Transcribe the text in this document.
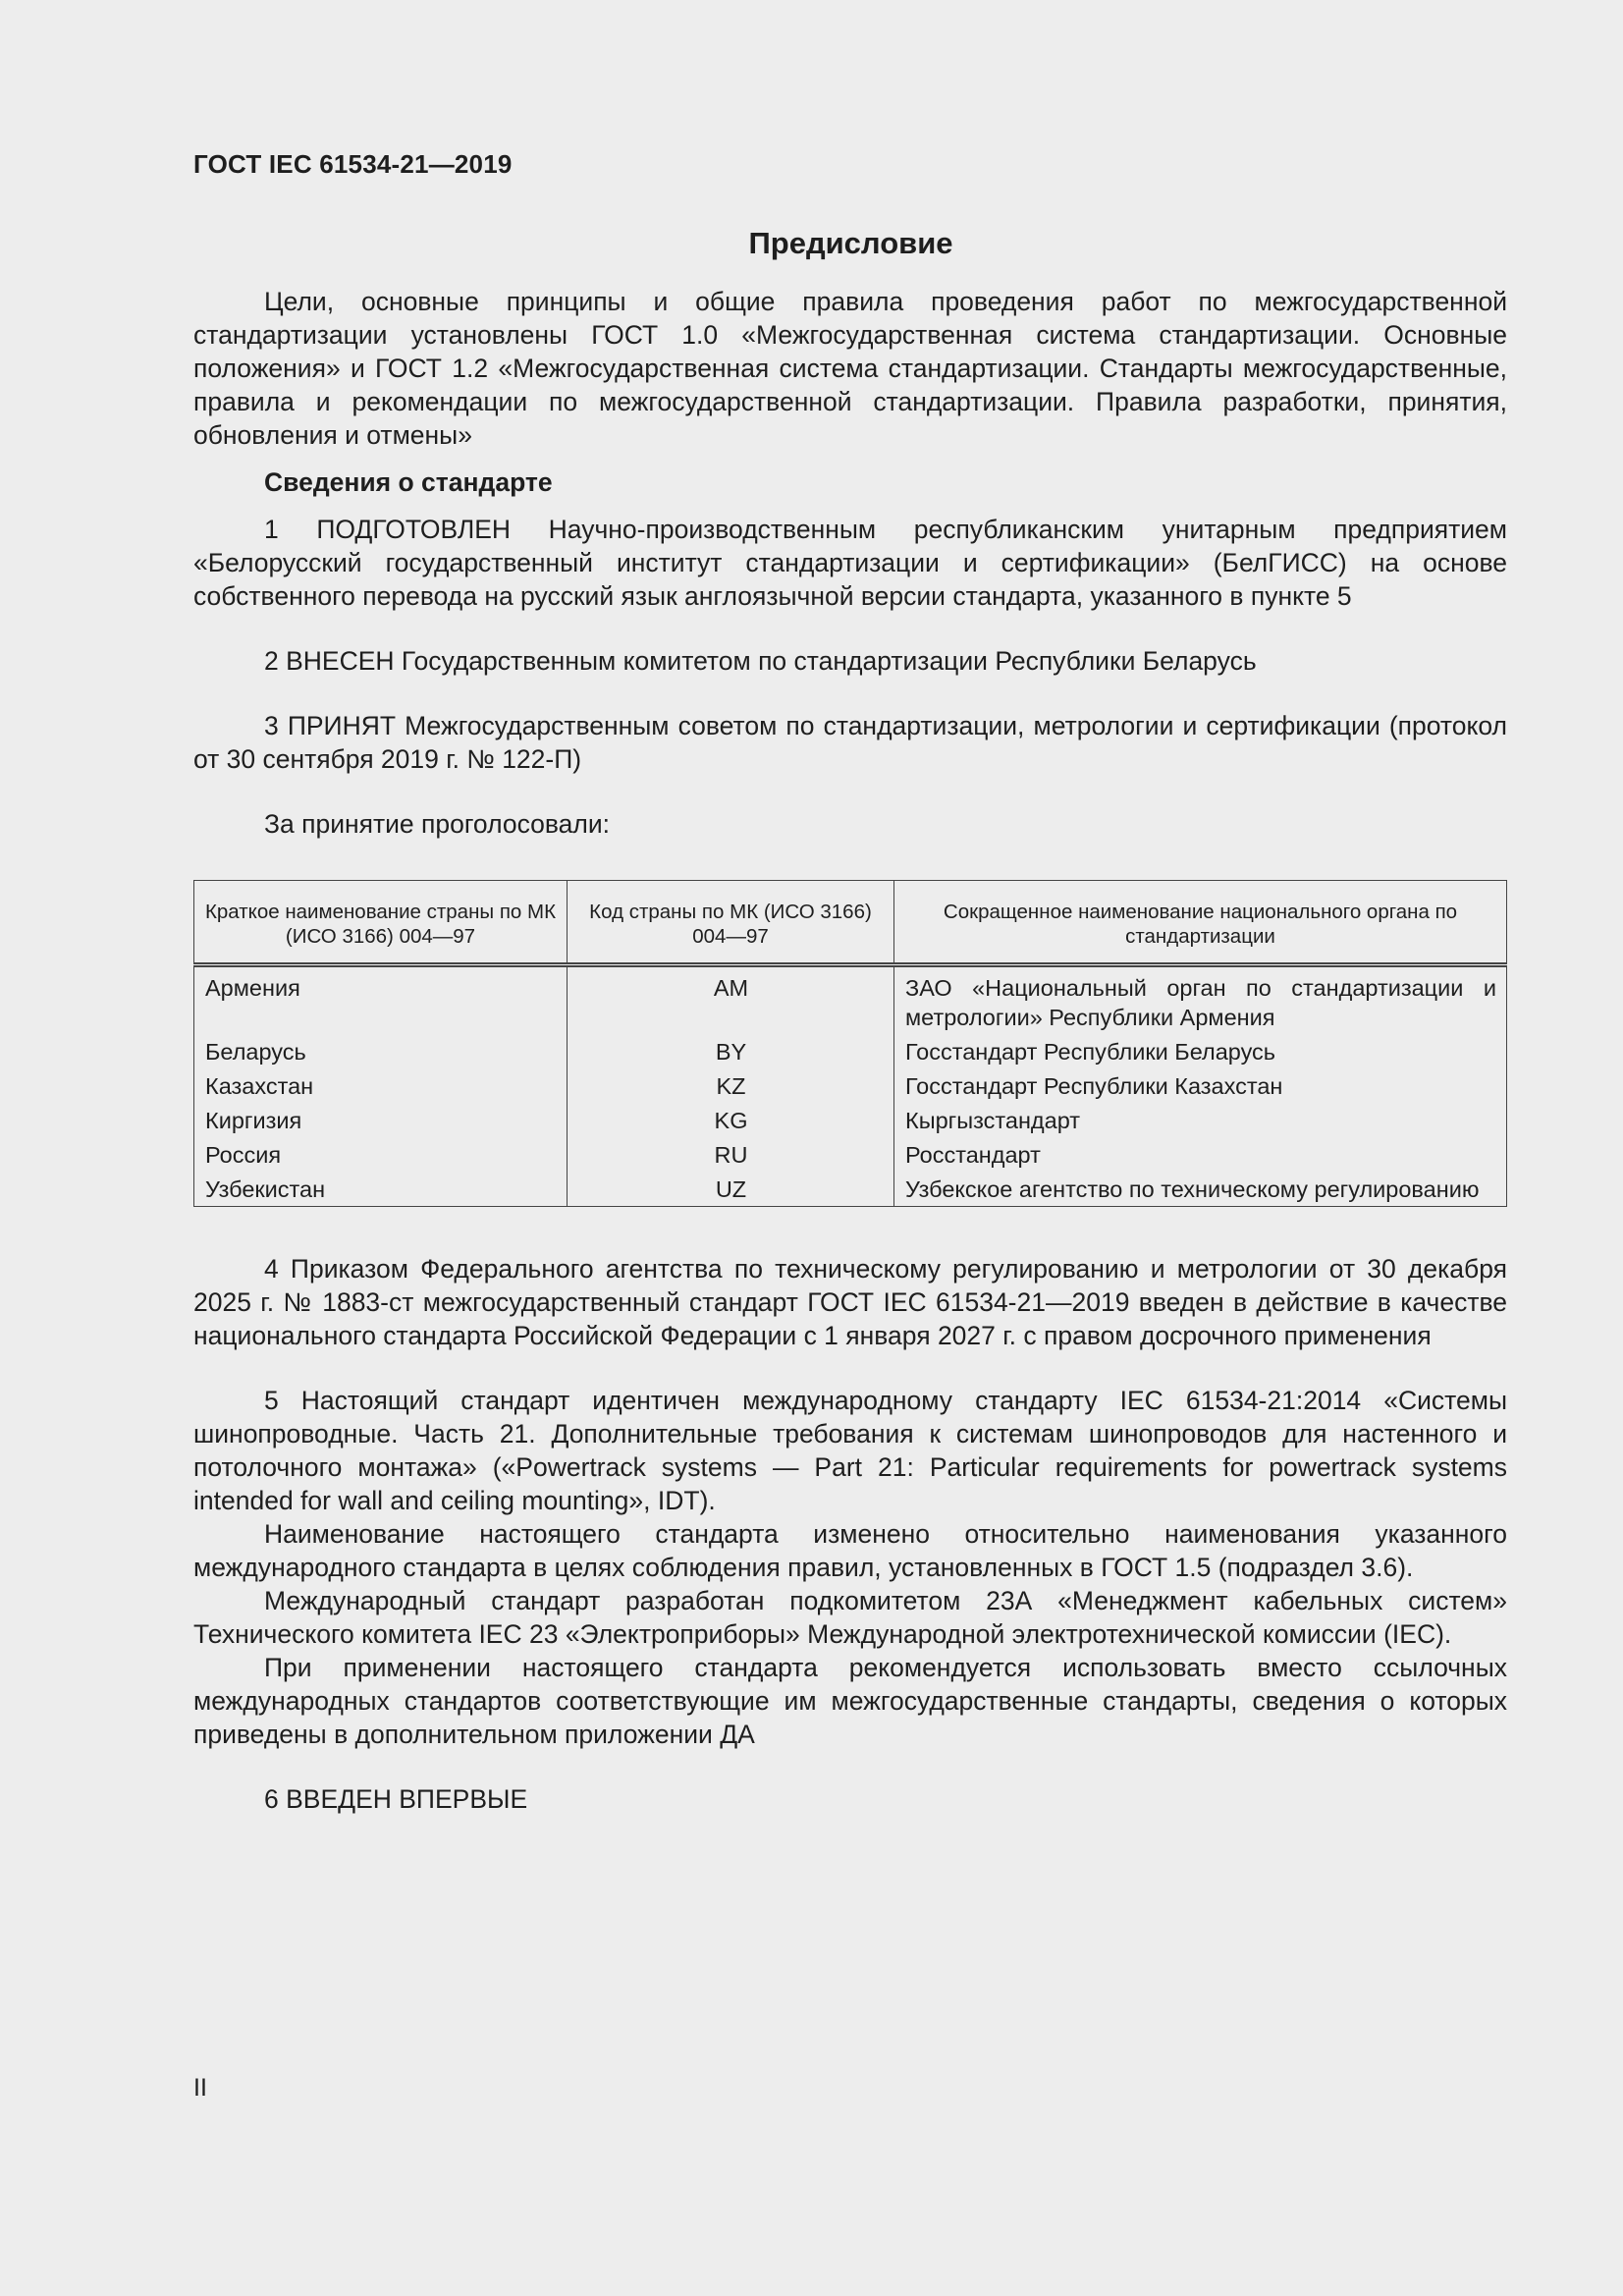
ГОСТ IEC 61534-21—2019
Предисловие

Цели, основные принципы и общие правила проведения работ по межгосударственной стандартизации установлены ГОСТ 1.0 «Межгосударственная система стандартизации. Основные положения» и ГОСТ 1.2 «Межгосударственная система стандартизации. Стандарты межгосударственные, правила и рекомендации по межгосударственной стандартизации. Правила разработки, принятия, обновления и отмены»

Сведения о стандарте

1 ПОДГОТОВЛЕН Научно-производственным республиканским унитарным предприятием «Белорусский государственный институт стандартизации и сертификации» (БелГИСС) на основе собственного перевода на русский язык англоязычной версии стандарта, указанного в пункте 5

2 ВНЕСЕН Государственным комитетом по стандартизации Республики Беларусь

3 ПРИНЯТ Межгосударственным советом по стандартизации, метрологии и сертификации (протокол от 30 сентября 2019 г. № 122-П)

За принятие проголосовали:

Краткое наименование страны по МК (ИСО 3166) 004—97	Код страны по МК (ИСО 3166) 004—97	Сокращенное наименование национального органа по стандартизации
Армения	AM	ЗАО «Национальный орган по стандартизации и метрологии» Республики Армения
Беларусь	BY	Госстандарт Республики Беларусь
Казахстан	KZ	Госстандарт Республики Казахстан
Киргизия	KG	Кыргызстандарт
Россия	RU	Росстандарт
Узбекистан	UZ	Узбекское агентство по техническому регулированию

4 Приказом Федерального агентства по техническому регулированию и метрологии от 30 декабря 2025 г. № 1883-ст межгосударственный стандарт ГОСТ IEC 61534-21—2019 введен в действие в качестве национального стандарта Российской Федерации с 1 января 2027 г. с правом досрочного применения

5 Настоящий стандарт идентичен международному стандарту IEC 61534-21:2014 «Системы шинопроводные. Часть 21. Дополнительные требования к системам шинопроводов для настенного и потолочного монтажа» («Powertrack systems — Part 21: Particular requirements for powertrack systems intended for wall and ceiling mounting», IDT).

Наименование настоящего стандарта изменено относительно наименования указанного международного стандарта в целях соблюдения правил, установленных в ГОСТ 1.5 (подраздел 3.6).

Международный стандарт разработан подкомитетом 23А «Менеджмент кабельных систем» Технического комитета IEC 23 «Электроприборы» Международной электротехнической комиссии (IEC).

При применении настоящего стандарта рекомендуется использовать вместо ссылочных международных стандартов соответствующие им межгосударственные стандарты, сведения о которых приведены в дополнительном приложении ДА

6 ВВЕДЕН ВПЕРВЫЕ

II
